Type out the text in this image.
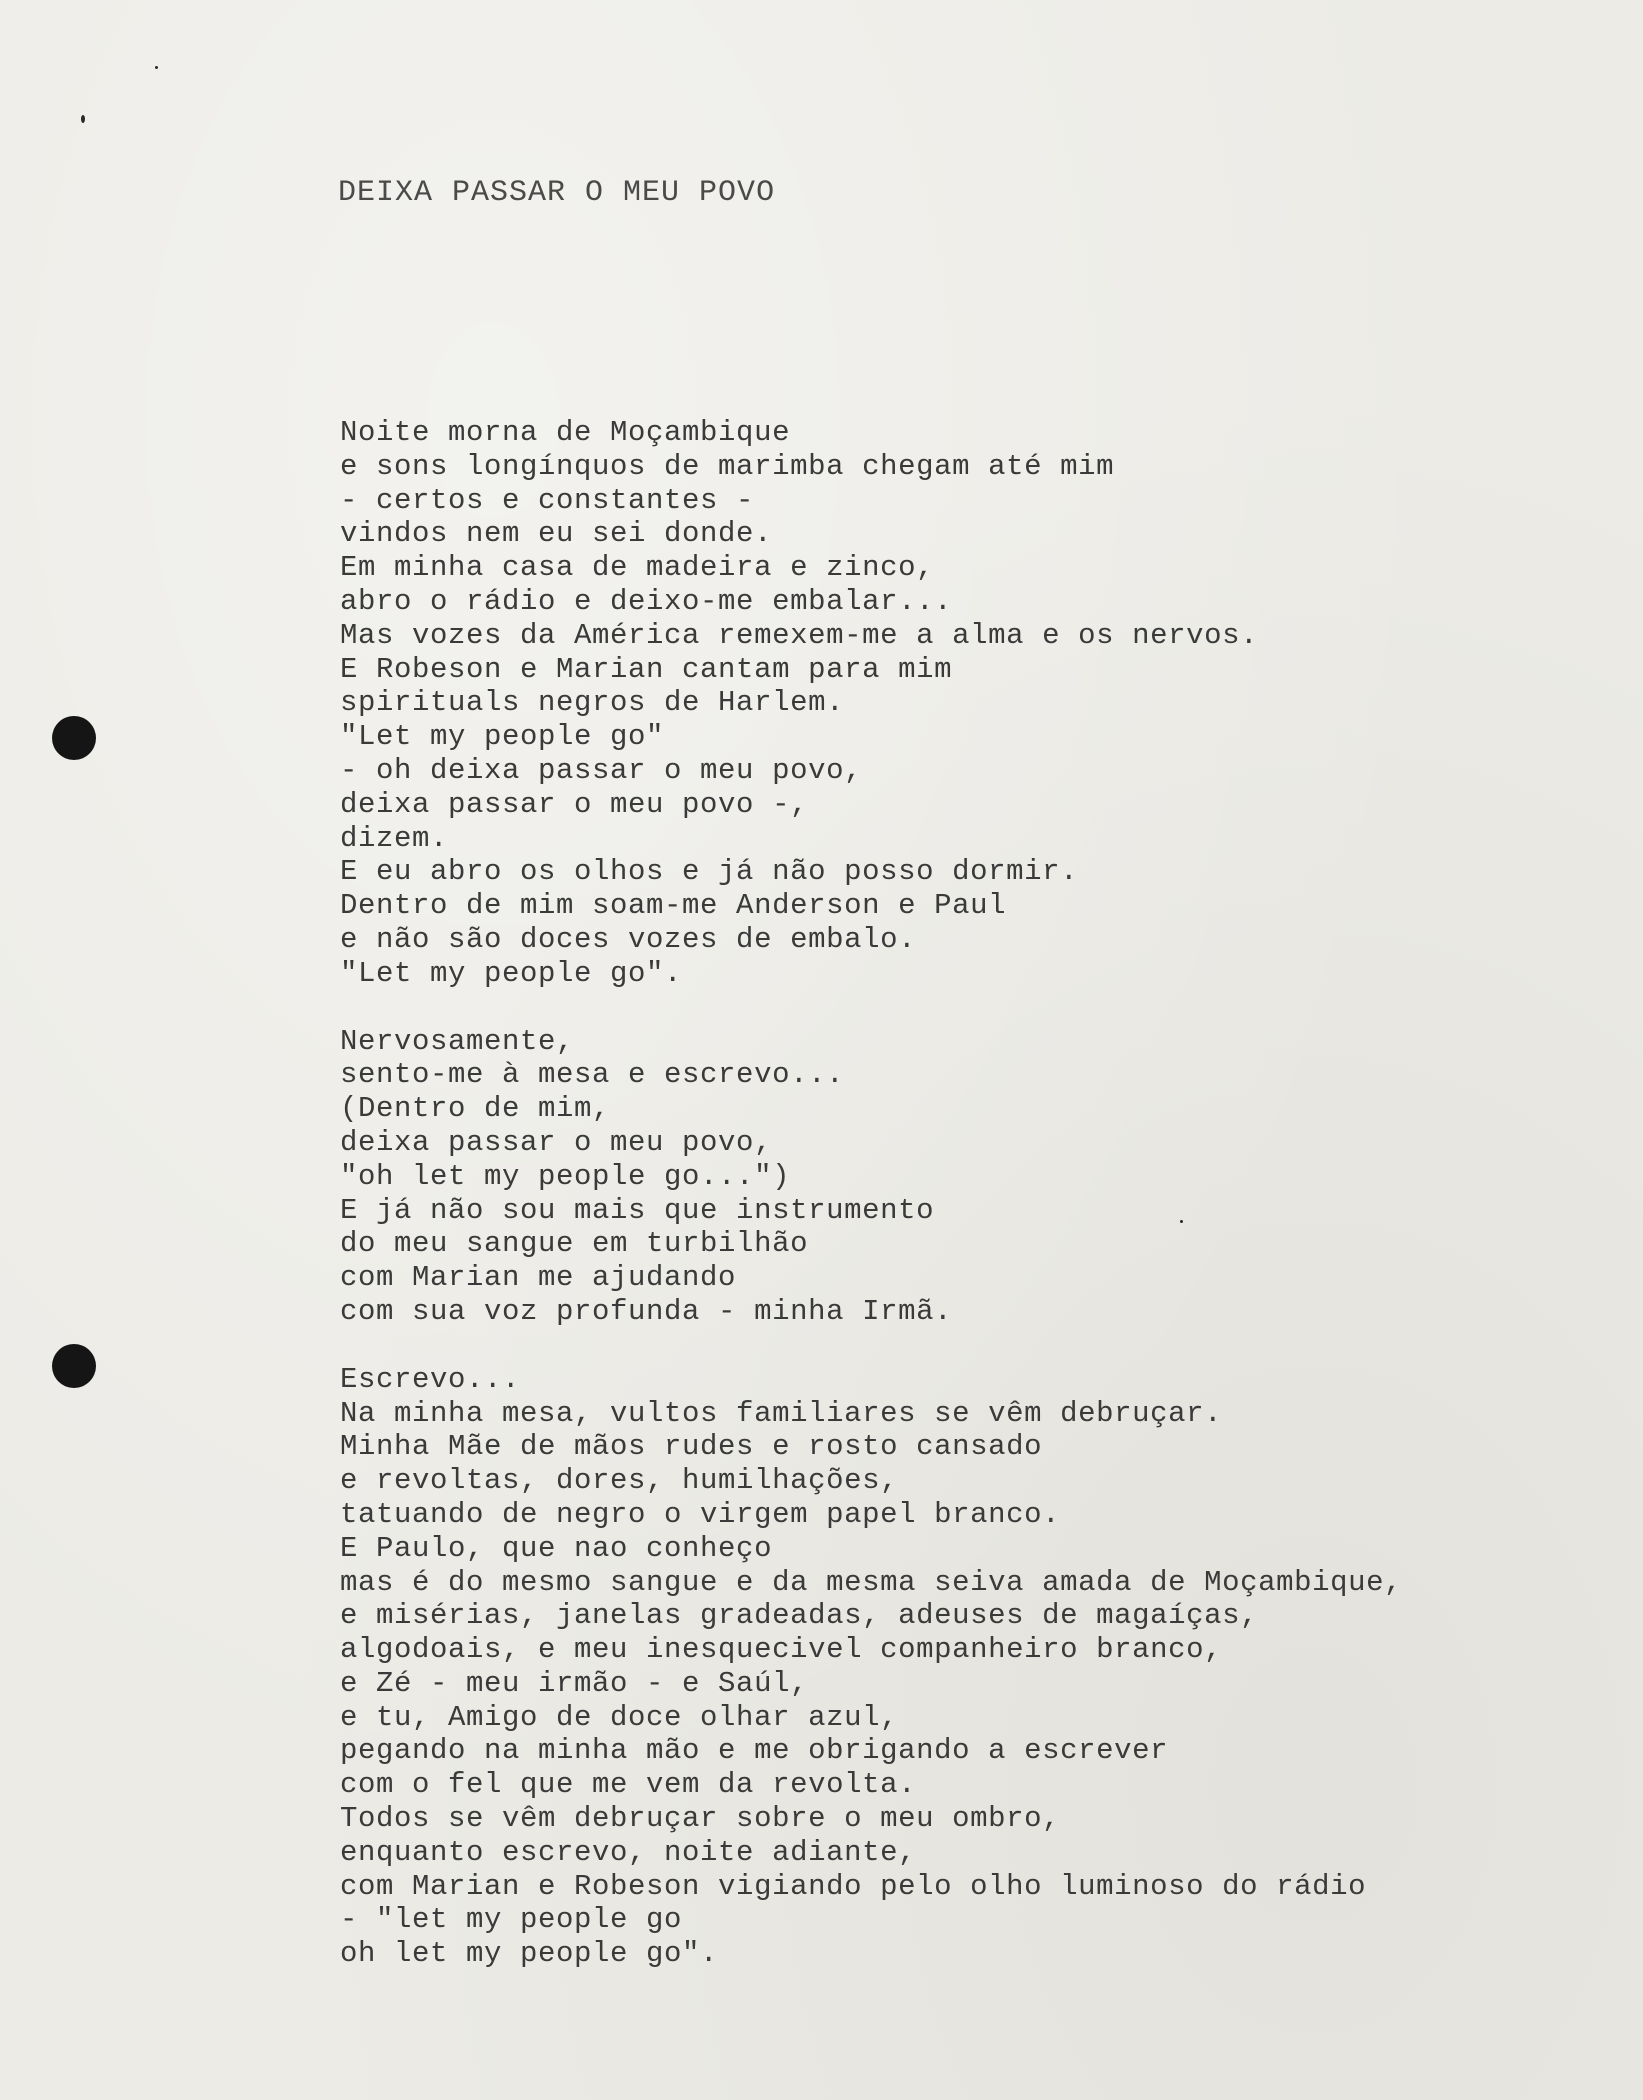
DEIXA PASSAR O MEU POVO
Noite morna de Moçambique
e sons longínquos de marimba chegam até mim
- certos e constantes -
vindos nem eu sei donde.
Em minha casa de madeira e zinco,
abro o rádio e deixo-me embalar...
Mas vozes da América remexem-me a alma e os nervos.
E Robeson e Marian cantam para mim
spirituals negros de Harlem.
"Let my people go"
- oh deixa passar o meu povo,
deixa passar o meu povo -,
dizem.
E eu abro os olhos e já não posso dormir.
Dentro de mim soam-me Anderson e Paul
e não são doces vozes de embalo.
"Let my people go".
Nervosamente,
sento-me à mesa e escrevo...
(Dentro de mim,
deixa passar o meu povo,
"oh let my people go...")
E já não sou mais que instrumento
do meu sangue em turbilhão
com Marian me ajudando
com sua voz profunda - minha Irmã.
Escrevo...
Na minha mesa, vultos familiares se vêm debruçar.
Minha Mãe de mãos rudes e rosto cansado
e revoltas, dores, humilhações,
tatuando de negro o virgem papel branco.
E Paulo, que nao conheço
mas é do mesmo sangue e da mesma seiva amada de Moçambique,
e misérias, janelas gradeadas, adeuses de magaíças,
algodoais, e meu inesquecivel companheiro branco,
e Zé - meu irmão - e Saúl,
e tu, Amigo de doce olhar azul,
pegando na minha mão e me obrigando a escrever
com o fel que me vem da revolta.
Todos se vêm debruçar sobre o meu ombro,
enquanto escrevo, noite adiante,
com Marian e Robeson vigiando pelo olho luminoso do rádio
- "let my people go
oh let my people go".
